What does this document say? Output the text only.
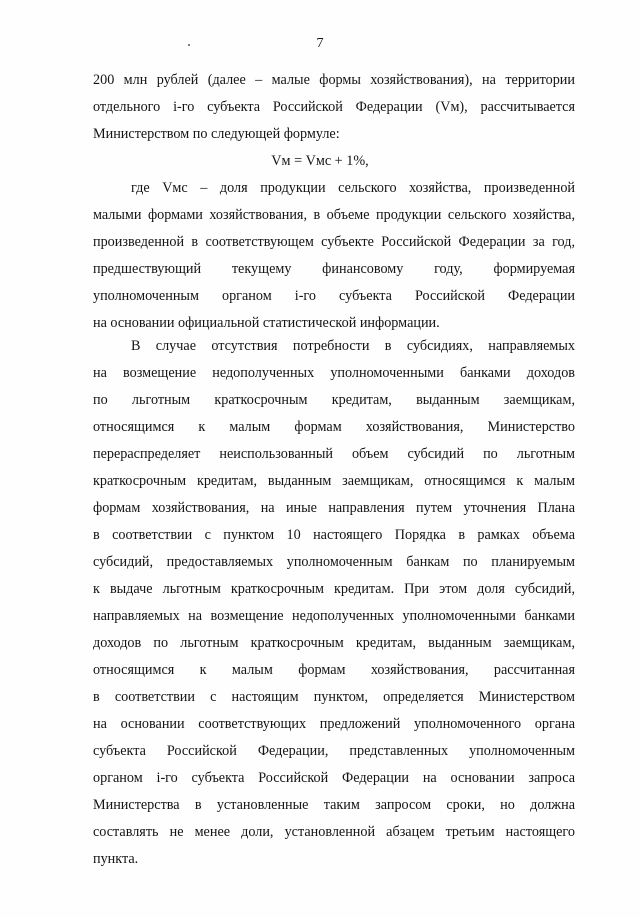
7
200 млн рублей (далее – малые формы хозяйствования), на территории
отдельного i-го субъекта Российской Федерации (Vм), рассчитывается
Министерством по следующей формуле:
Vм = Vмс + 1%,
где Vмс – доля продукции сельского хозяйства, произведенной
малыми формами хозяйствования, в объеме продукции сельского хозяйства,
произведенной в соответствующем субъекте Российской Федерации за год,
предшествующий текущему финансовому году, формируемая
уполномоченным органом i-го субъекта Российской Федерации
на основании официальной статистической информации.
В случае отсутствия потребности в субсидиях, направляемых
на возмещение недополученных уполномоченными банками доходов
по льготным краткосрочным кредитам, выданным заемщикам,
относящимся к малым формам хозяйствования, Министерство
перераспределяет неиспользованный объем субсидий по льготным
краткосрочным кредитам, выданным заемщикам, относящимся к малым
формам хозяйствования, на иные направления путем уточнения Плана
в соответствии с пунктом 10 настоящего Порядка в рамках объема
субсидий, предоставляемых уполномоченным банкам по планируемым
к выдаче льготным краткосрочным кредитам. При этом доля субсидий,
направляемых на возмещение недополученных уполномоченными банками
доходов по льготным краткосрочным кредитам, выданным заемщикам,
относящимся к малым формам хозяйствования, рассчитанная
в соответствии с настоящим пунктом, определяется Министерством
на основании соответствующих предложений уполномоченного органа
субъекта Российской Федерации, представленных уполномоченным
органом i-го субъекта Российской Федерации на основании запроса
Министерства в установленные таким запросом сроки, но должна
составлять не менее доли, установленной абзацем третьим настоящего
пункта.
